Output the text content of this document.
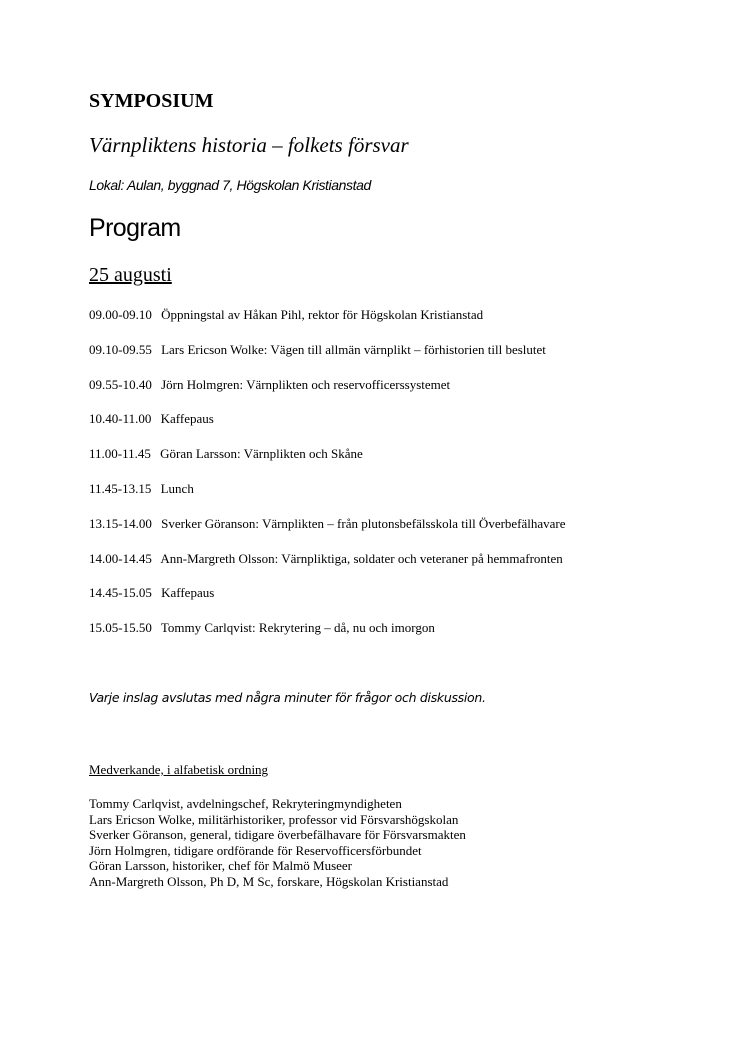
SYMPOSIUM
Värnpliktens historia – folkets försvar
Lokal: Aulan, byggnad 7, Högskolan Kristianstad
Program
25 augusti
09.00-09.10 Öppningstal av Håkan Pihl, rektor för Högskolan Kristianstad
09.10-09.55 Lars Ericson Wolke: Vägen till allmän värnplikt – förhistorien till beslutet
09.55-10.40 Jörn Holmgren: Värnplikten och reservofficerssystemet
10.40-11.00 Kaffepaus
11.00-11.45 Göran Larsson: Värnplikten och Skåne
11.45-13.15 Lunch
13.15-14.00 Sverker Göranson: Värnplikten – från plutonsbefälsskola till Överbefälhavare
14.00-14.45 Ann-Margreth Olsson: Värnpliktiga, soldater och veteraner på hemmafronten
14.45-15.05 Kaffepaus
15.05-15.50 Tommy Carlqvist: Rekrytering – då, nu och imorgon
Varje inslag avslutas med några minuter för frågor och diskussion.
Medverkande, i alfabetisk ordning
Tommy Carlqvist, avdelningschef, Rekryteringmyndigheten
Lars Ericson Wolke, militärhistoriker, professor vid Försvarshögskolan
Sverker Göranson, general, tidigare överbefälhavare för Försvarsmakten
Jörn Holmgren, tidigare ordförande för Reservofficersförbundet
Göran Larsson, historiker, chef för Malmö Museer
Ann-Margreth Olsson, Ph D, M Sc, forskare, Högskolan Kristianstad
